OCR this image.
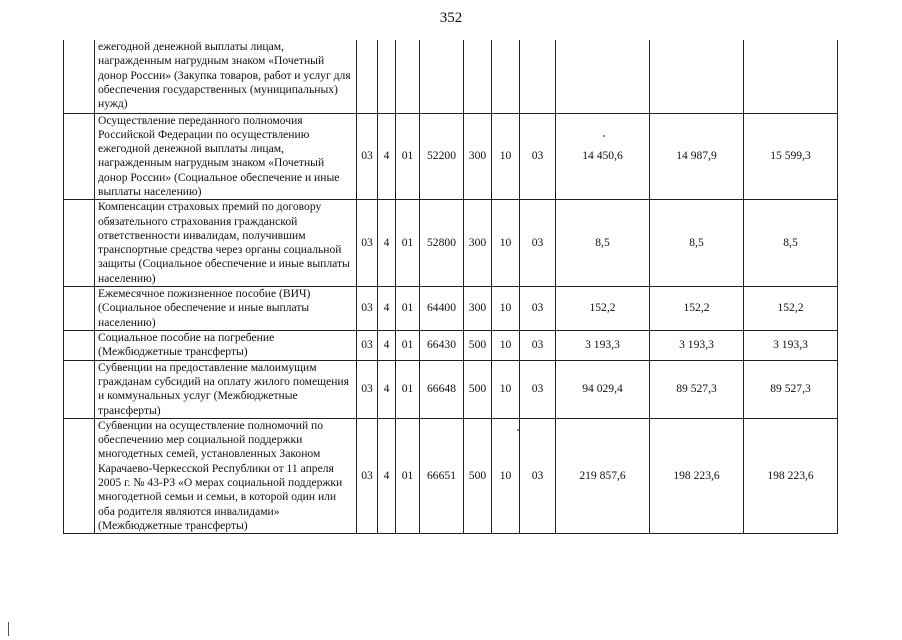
352
	ежегодной денежной выплаты лицам, награжденным нагрудным знаком «Почетный донор России» (Закупка товаров, работ и услуг для обеспечения государственных (муниципальных) нужд)										
	Осуществление переданного полномочия Российской Федерации по осуществлению ежегодной денежной выплаты лицам, награжденным нагрудным знаком «Почетный донор России» (Социальное обеспечение и иные выплаты населению)	03	4	01	52200	300	10	03	14 450,6	14 987,9	15 599,3
	Компенсации страховых премий по договору обязательного страхования гражданской ответственности инвалидам, получившим транспортные средства через органы социальной защиты (Социальное обеспечение и иные выплаты населению)	03	4	01	52800	300	10	03	8,5	8,5	8,5
	Ежемесячное пожизненное пособие (ВИЧ) (Социальное обеспечение и иные выплаты населению)	03	4	01	64400	300	10	03	152,2	152,2	152,2
	Социальное пособие на погребение (Межбюджетные трансферты)	03	4	01	66430	500	10	03	3 193,3	3 193,3	3 193,3
	Субвенции на предоставление малоимущим гражданам субсидий на оплату жилого помещения и коммунальных услуг (Межбюджетные трансферты)	03	4	01	66648	500	10	03	94 029,4	89 527,3	89 527,3
	Субвенции на осуществление полномочий по обеспечению мер социальной поддержки многодетных семей, установленных Законом Карачаево-Черкесской Республики от 11 апреля 2005 г. № 43-РЗ «О мерах социальной поддержки многодетной семьи и семьи, в которой один или оба родителя являются инвалидами» (Межбюджетные трансферты)	03	4	01	66651	500	10	03	219 857,6	198 223,6	198 223,6
